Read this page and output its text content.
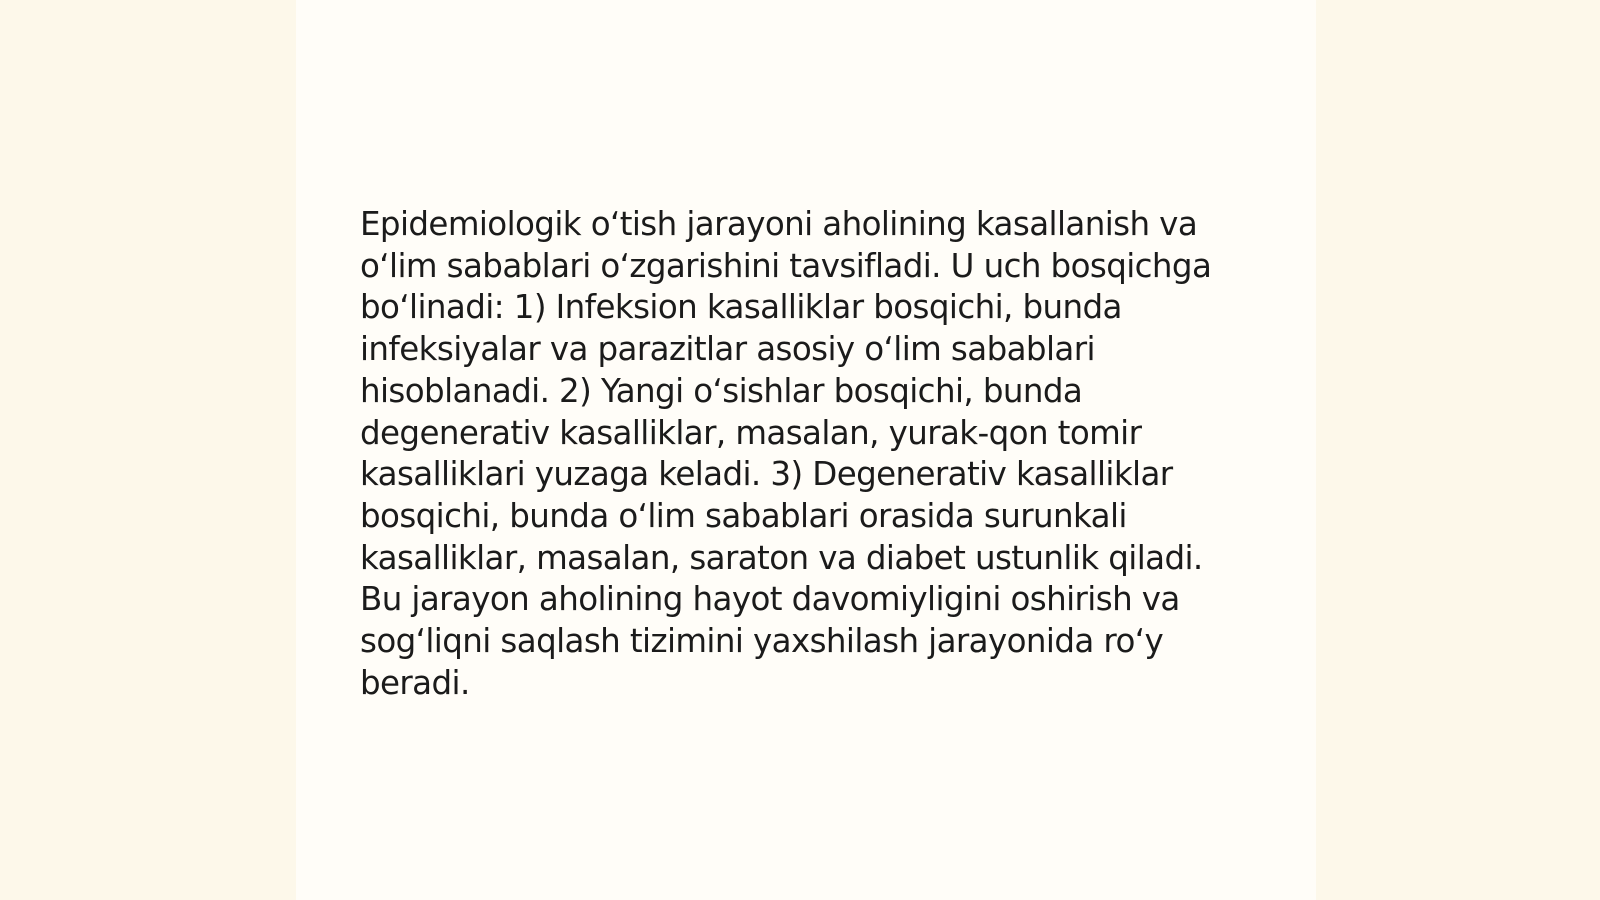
Epidemiologik o‘tish jarayoni aholining kasallanish va
o‘lim sabablari o‘zgarishini tavsifladi. U uch bosqichga
bo‘linadi: 1) Infeksion kasalliklar bosqichi, bunda
infeksiyalar va parazitlar asosiy o‘lim sabablari
hisoblanadi. 2) Yangi o‘sishlar bosqichi, bunda
degenerativ kasalliklar, masalan, yurak-qon tomir
kasalliklari yuzaga keladi. 3) Degenerativ kasalliklar
bosqichi, bunda o‘lim sabablari orasida surunkali
kasalliklar, masalan, saraton va diabet ustunlik qiladi.
Bu jarayon aholining hayot davomiyligini oshirish va
sog‘liqni saqlash tizimini yaxshilash jarayonida ro‘y
beradi.
